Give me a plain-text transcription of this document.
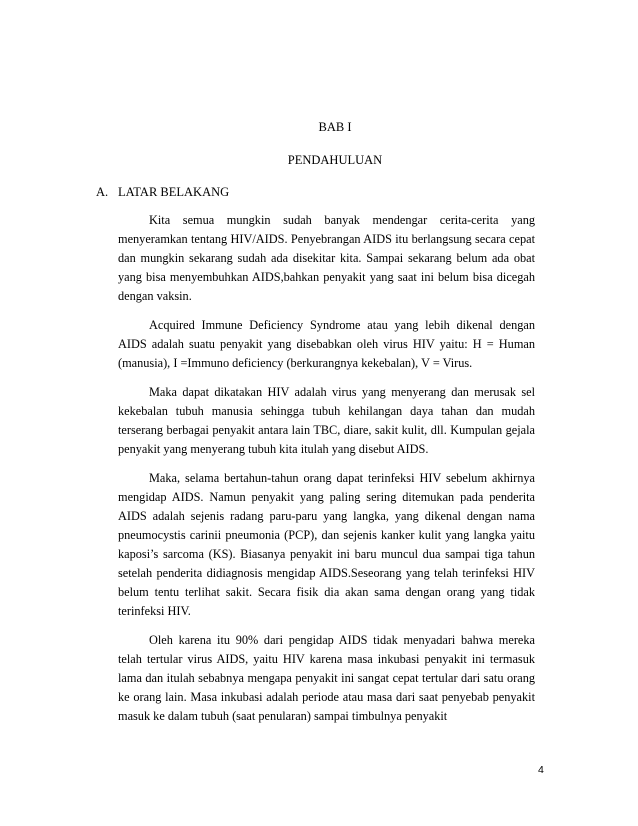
BAB I
PENDAHULUAN
A. LATAR BELAKANG

Kita semua mungkin sudah banyak mendengar cerita-cerita yang menyeramkan tentang HIV/AIDS. Penyebrangan AIDS itu berlangsung secara cepat dan mungkin sekarang sudah ada disekitar kita. Sampai sekarang belum ada obat yang bisa menyembuhkan AIDS,bahkan penyakit yang saat ini belum bisa dicegah dengan vaksin.

Acquired Immune Deficiency Syndrome atau yang lebih dikenal dengan AIDS adalah suatu penyakit yang disebabkan oleh virus HIV yaitu: H = Human (manusia), I =Immuno deficiency (berkurangnya kekebalan), V = Virus.

Maka dapat dikatakan HIV adalah virus yang menyerang dan merusak sel kekebalan tubuh manusia sehingga tubuh kehilangan daya tahan dan mudah terserang berbagai penyakit antara lain TBC, diare, sakit kulit, dll. Kumpulan gejala penyakit yang menyerang tubuh kita itulah yang disebut AIDS.

Maka, selama bertahun-tahun orang dapat terinfeksi HIV sebelum akhirnya mengidap AIDS. Namun penyakit yang paling sering ditemukan pada penderita AIDS adalah sejenis radang paru-paru yang langka, yang dikenal dengan nama pneumocystis carinii pneumonia (PCP), dan sejenis kanker kulit yang langka yaitu kaposi’s sarcoma (KS). Biasanya penyakit ini baru muncul dua sampai tiga tahun setelah penderita didiagnosis mengidap AIDS.Seseorang yang telah terinfeksi HIV belum tentu terlihat sakit. Secara fisik dia akan sama dengan orang yang tidak terinfeksi HIV.

Oleh karena itu 90% dari pengidap AIDS tidak menyadari bahwa mereka telah tertular virus AIDS, yaitu HIV karena masa inkubasi penyakit ini termasuk lama dan itulah sebabnya mengapa penyakit ini sangat cepat tertular dari satu orang ke orang lain. Masa inkubasi adalah periode atau masa dari saat penyebab penyakit masuk ke dalam tubuh (saat penularan) sampai timbulnya penyakit

4
